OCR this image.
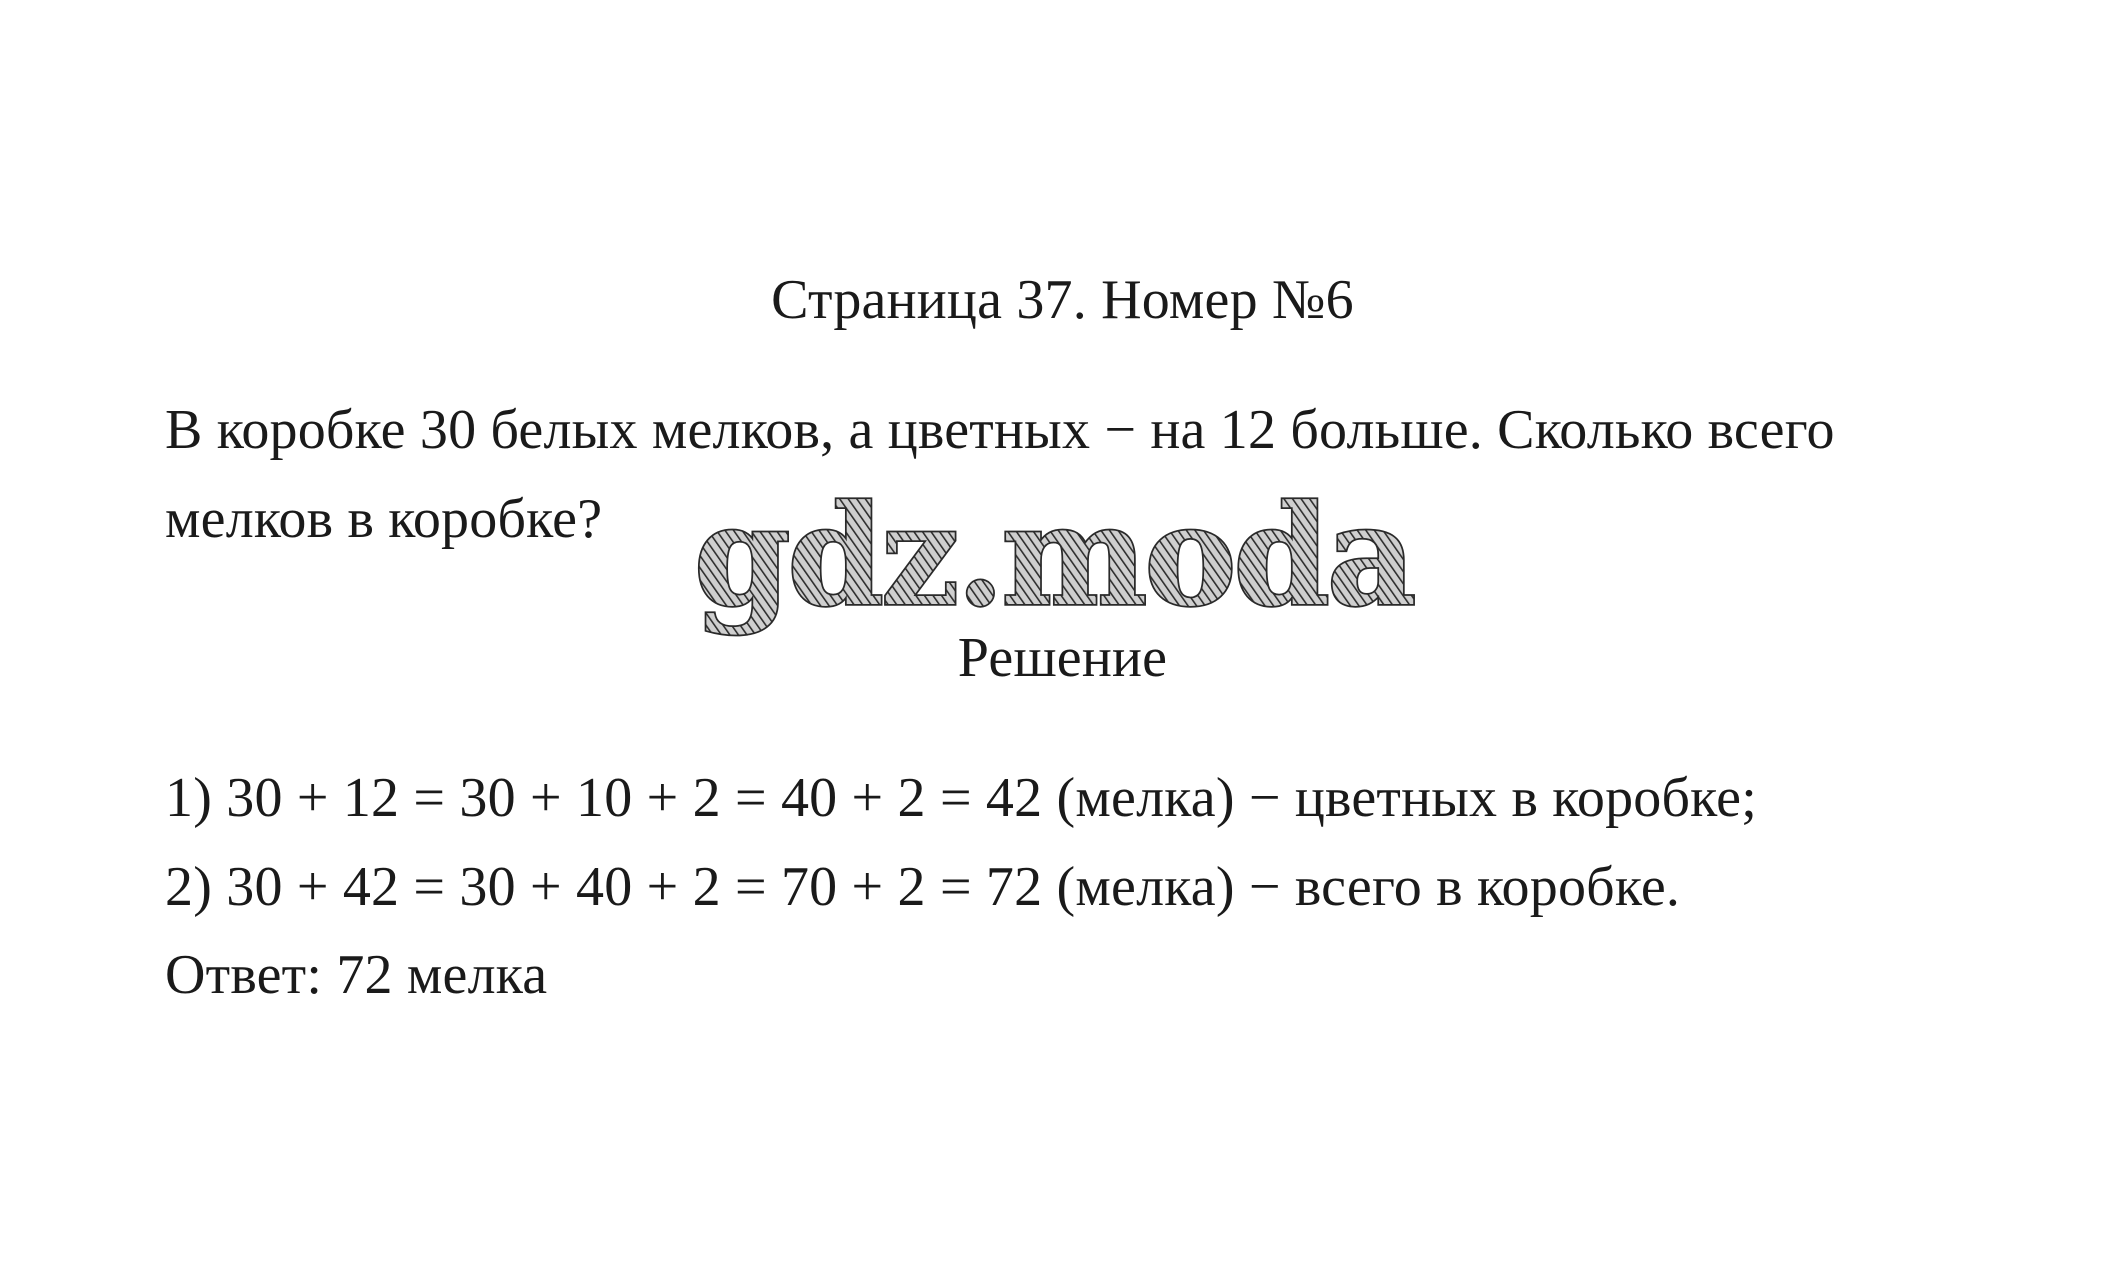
Страница 37. Номер №6
В коробке 30 белых мелков, а цветных − на 12 больше. Сколько всего
мелков в коробке? gdz.moda
Решение
1) 30 + 12 = 30 + 10 + 2 = 40 + 2 = 42 (мелка) − цветных в коробке;
2) 30 + 42 = 30 + 40 + 2 = 70 + 2 = 72 (мелка) − всего в коробке.
Ответ: 72 мелка
